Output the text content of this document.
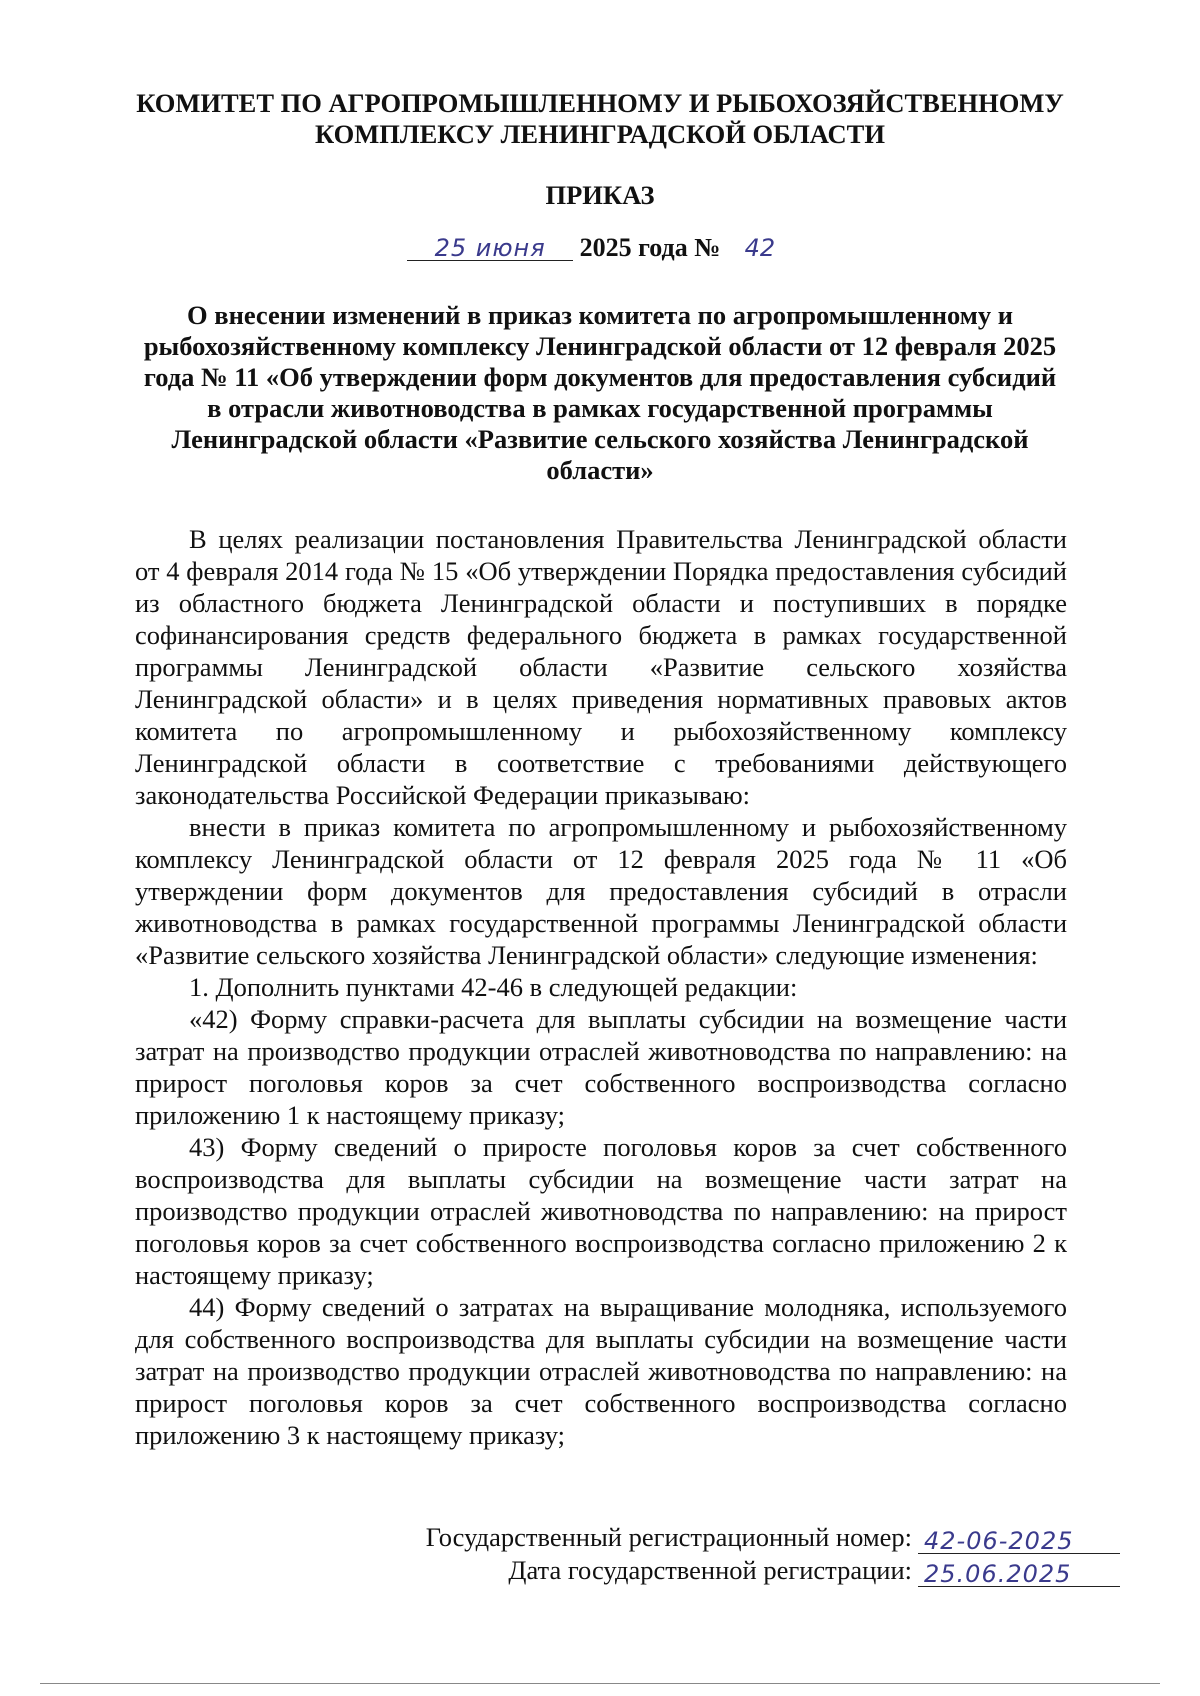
КОМИТЕТ ПО АГРОПРОМЫШЛЕННОМУ И РЫБОХОЗЯЙСТВЕННОМУ
КОМПЛЕКСУ ЛЕНИНГРАДСКОЙ ОБЛАСТИ
ПРИКАЗ
25 июня 2025 года № 42
О внесении изменений в приказ комитета по агропромышленному и
рыбохозяйственному комплексу Ленинградской области от 12 февраля 2025
года № 11 «Об утверждении форм документов для предоставления субсидий
в отрасли животноводства в рамках государственной программы
Ленинградской области «Развитие сельского хозяйства Ленинградской
области»

В целях реализации постановления Правительства Ленинградской области от 4 февраля 2014 года № 15 «Об утверждении Порядка предоставления субсидий из областного бюджета Ленинградской области и поступивших в порядке софинансирования средств федерального бюджета в рамках государственной программы Ленинградской области «Развитие сельского хозяйства Ленинградской области» и в целях приведения нормативных правовых актов комитета по агропромышленному и рыбохозяйственному комплексу Ленинградской области в соответствие с требованиями действующего законодательства Российской Федерации приказываю:

внести в приказ комитета по агропромышленному и рыбохозяйственному комплексу Ленинградской области от 12 февраля 2025 года № 11 «Об утверждении форм документов для предоставления субсидий в отрасли животноводства в рамках государственной программы Ленинградской области «Развитие сельского хозяйства Ленинградской области» следующие изменения:

1. Дополнить пунктами 42-46 в следующей редакции:

«42) Форму справки-расчета для выплаты субсидии на возмещение части затрат на производство продукции отраслей животноводства по направлению: на прирост поголовья коров за счет собственного воспроизводства согласно приложению 1 к настоящему приказу;

43) Форму сведений о приросте поголовья коров за счет собственного воспроизводства для выплаты субсидии на возмещение части затрат на производство продукции отраслей животноводства по направлению: на прирост поголовья коров за счет собственного воспроизводства согласно приложению 2 к настоящему приказу;

44) Форму сведений о затратах на выращивание молодняка, используемого для собственного воспроизводства для выплаты субсидии на возмещение части затрат на производство продукции отраслей животноводства по направлению: на прирост поголовья коров за счет собственного воспроизводства согласно приложению 3 к настоящему приказу;

Государственный регистрационный номер: 42-06-2025
Дата государственной регистрации: 25.06.2025
